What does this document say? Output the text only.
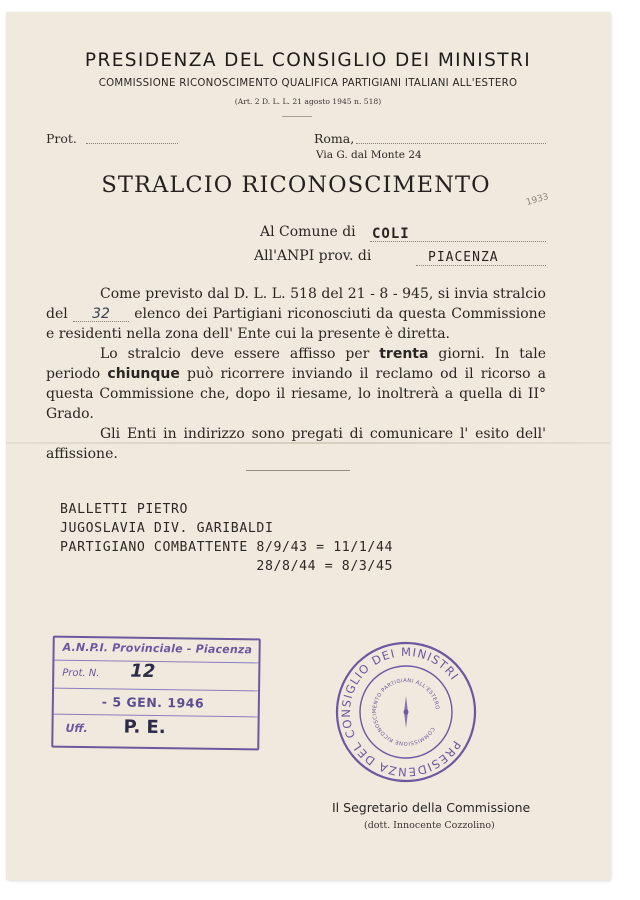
PRESIDENZA DEL CONSIGLIO DEI MINISTRI
COMMISSIONE RICONOSCIMENTO QUALIFICA PARTIGIANI ITALIANI ALL'ESTERO
(Art. 2 D. L. L. 21 agosto 1945 n. 518)
Prot.	Roma,
Via G. dal Monte 24
STRALCIO RICONOSCIMENTO
1933
Al Comune di COLI
All'ANPI prov. di	PIACENZA
Come previsto dal D. L. L. 518 del 21 - 8 - 945, si invia stralcio del 32 elenco dei Partigiani riconosciuti da questa Commissione e residenti nella zona dell' Ente cui la presente è diretta.
Lo stralcio deve essere affisso per trenta giorni. In tale periodo chiunque può ricorrere inviando il reclamo od il ricorso a questa Commissione che, dopo il riesame, lo inoltrerà a quella di II° Grado.
Gli Enti in indirizzo sono pregati di comunicare l' esito dell' affissione.
BALLETTI PIETRO
JUGOSLAVIA DIV. GARIBALDI
PARTIGIANO COMBATTENTE 8/9/43 = 11/1/44
28/8/44 = 8/3/45
A.N.P.I. Provinciale - Piacenza
Prot. N. 12
- 5 GEN. 1946
Uff. P. E.
PRESIDENZA DEL CONSIGLIO DEI MINISTRI
COMMISSIONE RICONOSCIMENTO PARTIGIANI ALL'ESTERO
Il Segretario della Commissione
(dott. Innocente Cozzolino)
